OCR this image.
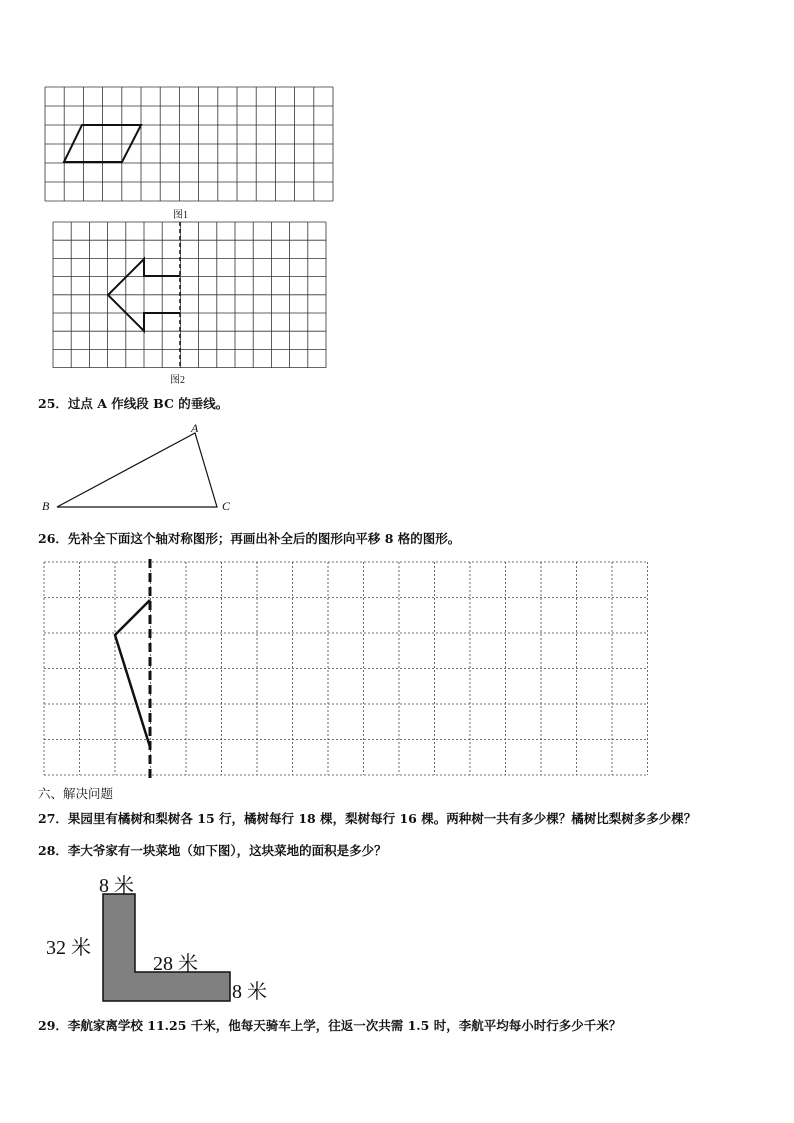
图1
图2
25．过点 A 作线段 BC 的垂线。
A
B	C
26．先补全下面这个轴对称图形；再画出补全后的图形向平移 8 格的图形。
六、解决问题
27．果园里有橘树和梨树各 15 行，橘树每行 18 棵，梨树每行 16 棵。两种树一共有多少棵？橘树比梨树多多少棵？
28．李大爷家有一块菜地（如下图），这块菜地的面积是多少？
8 米
32 米
28 米
8 米
29．李航家离学校 11.25 千米，他每天骑车上学，往返一次共需 1.5 时，李航平均每小时行多少千米？
